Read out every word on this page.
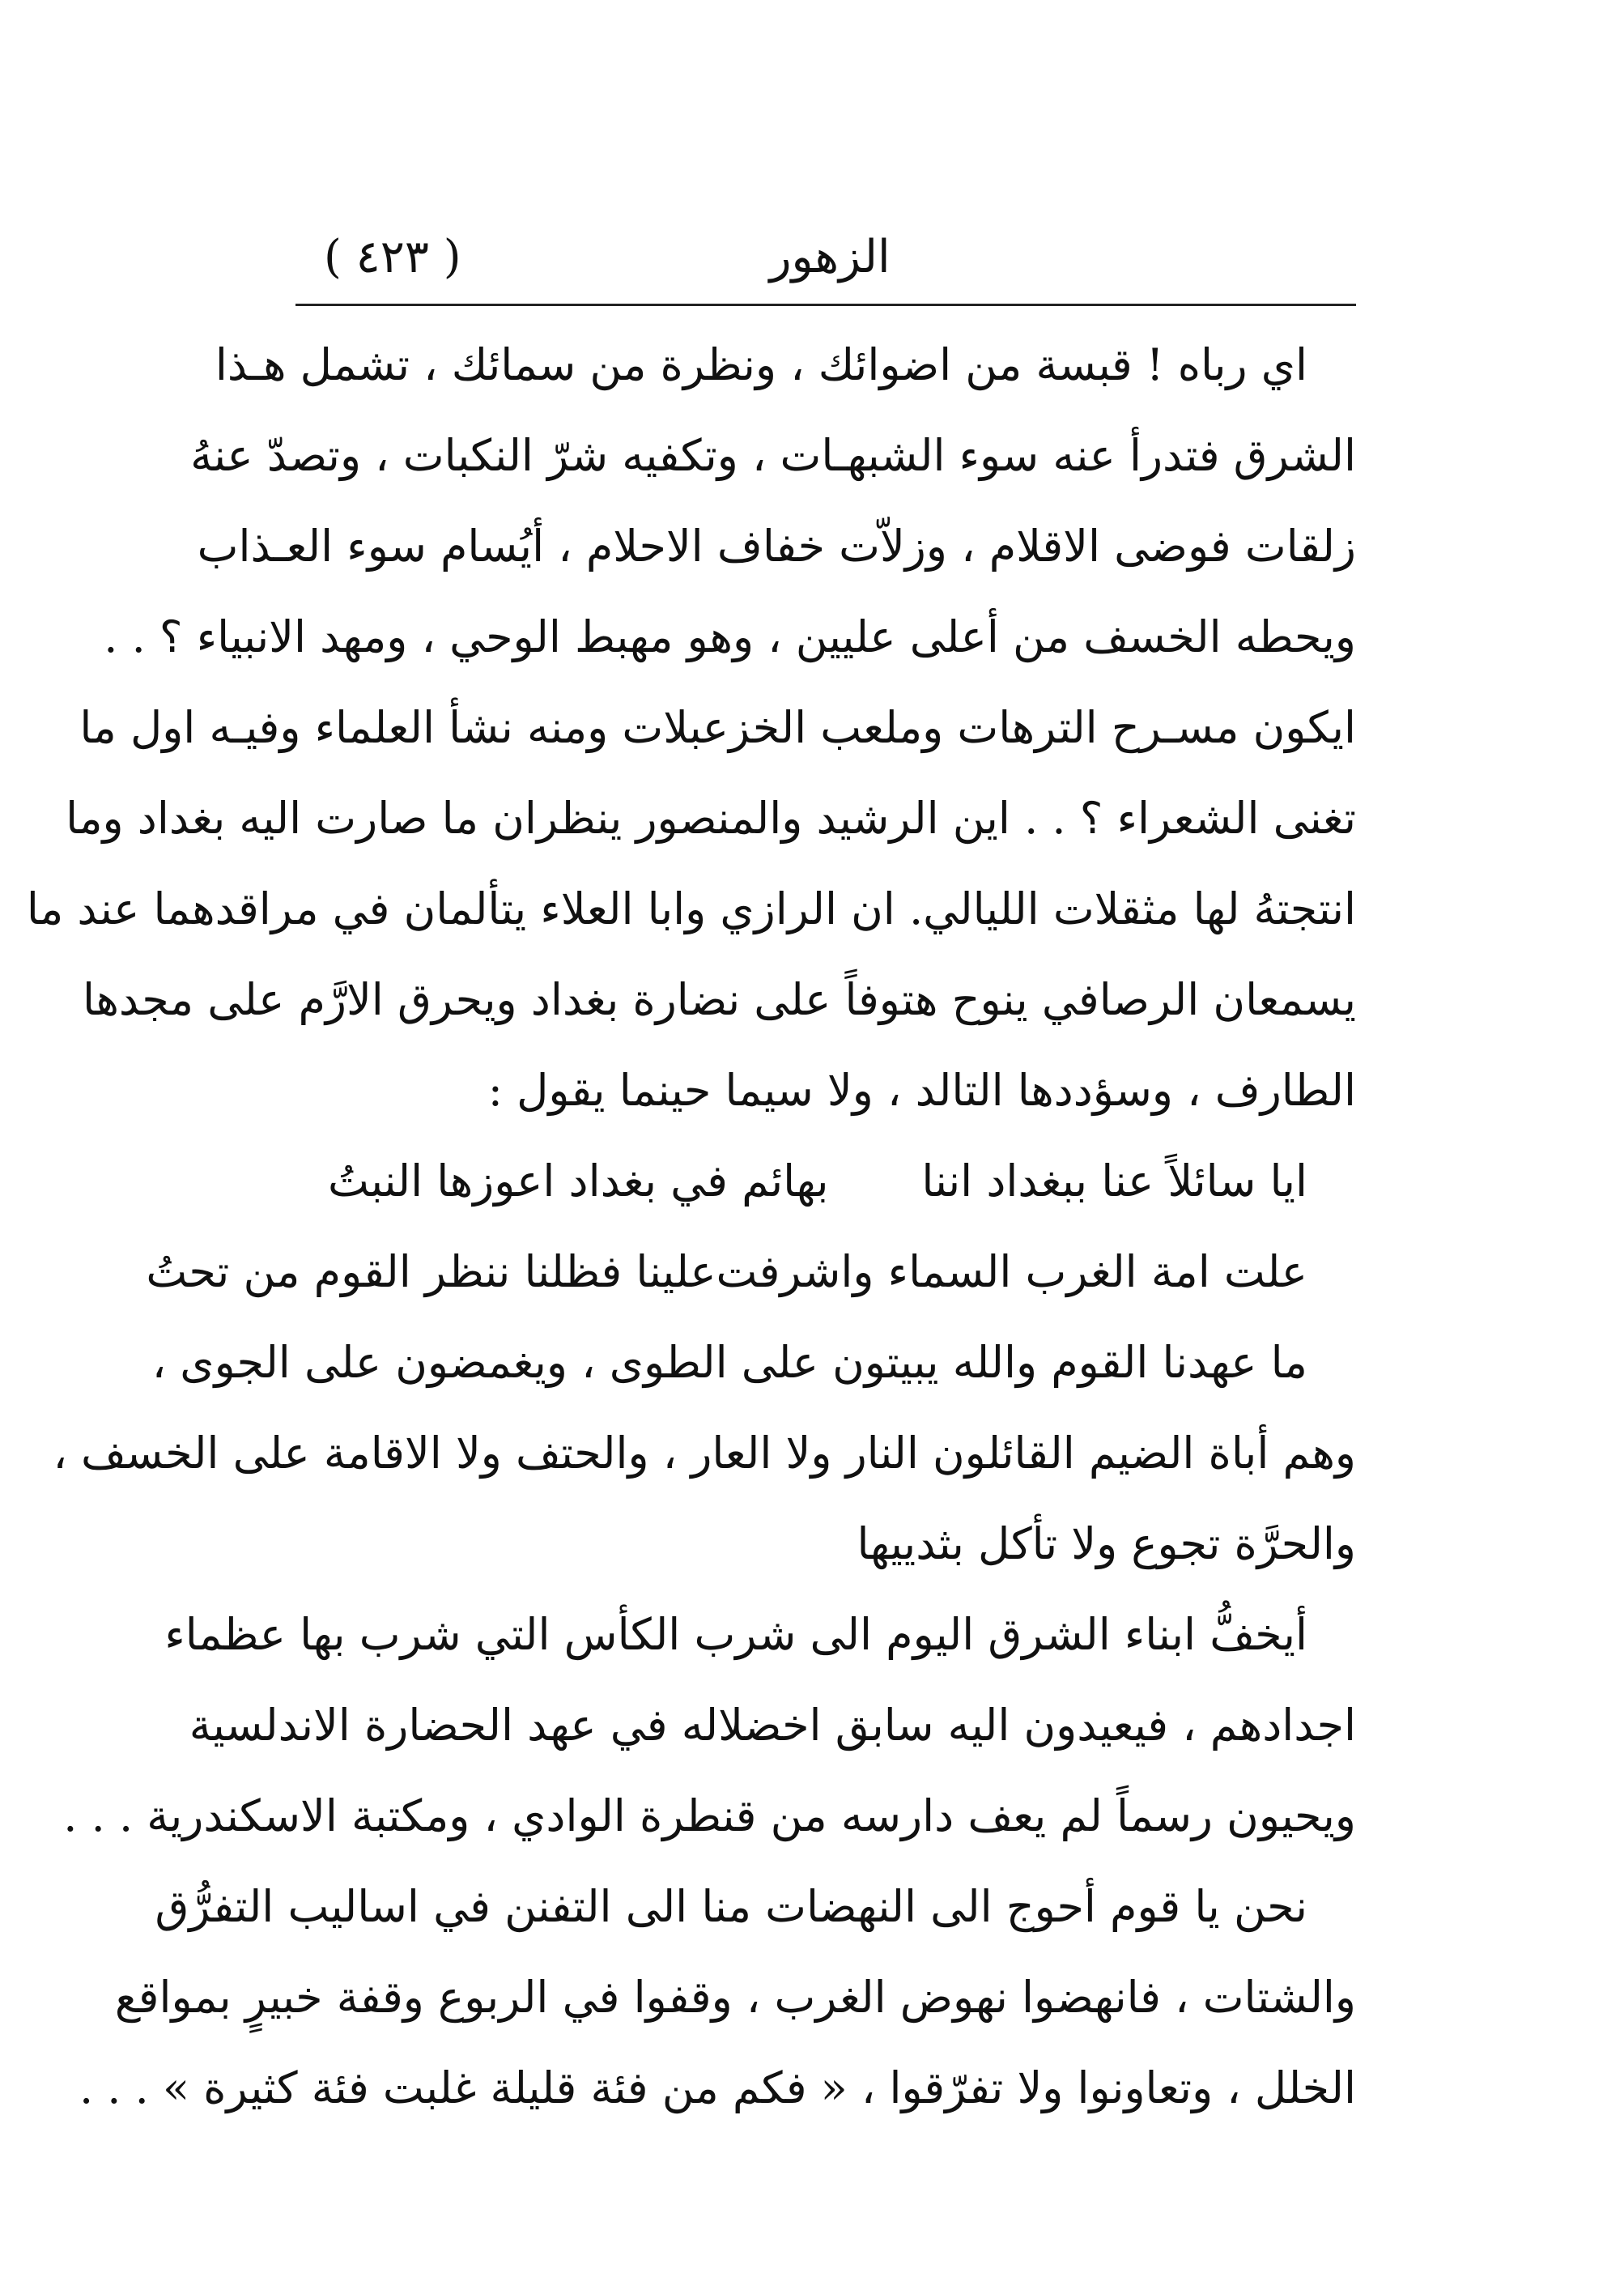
الزهور
( ٤٢٣ )
اي رباه ! قبسة من اضوائك ، ونظرة من سمائك ، تشمل هـذا
الشرق فتدرأ عنه سوء الشبهـات ، وتكفيه شرّ النكبات ، وتصدّ عنهُ
زلقات فوضى الاقلام ، وزلاّت خفاف الاحلام ، أيُسام سوء العـذاب
ويحطه الخسف من أعلى عليين ، وهو مهبط الوحي ، ومهد الانبياء ؟ . .
ايكون مسـرح الترهات وملعب الخزعبلات ومنه نشأ العلماء وفيـه اول ما
تغنى الشعراء ؟ . . اين الرشيد والمنصور ينظران ما صارت اليه بغداد وما
انتجتهُ لها مثقلات الليالي. ان الرازي وابا العلاء يتألمان في مراقدهما عند ما
يسمعان الرصافي ينوح هتوفاً على نضارة بغداد ويحرق الارَّم على مجدها
الطارف ، وسؤددها التالد ، ولا سيما حينما يقول :
ايا سائلاً عنا ببغداد اننا
بهائم في بغداد اعوزها النبتُ
علت امة الغرب السماء واشرفت
علينا فظلنا ننظر القوم من تحتُ
ما عهدنا القوم والله يبيتون على الطوى ، ويغمضون على الجوى ،
وهم أباة الضيم القائلون النار ولا العار ، والحتف ولا الاقامة على الخسف ،
والحرَّة تجوع ولا تأكل بثدييها
أيخفُّ ابناء الشرق اليوم الى شرب الكأس التي شرب بها عظماء
اجدادهم ، فيعيدون اليه سابق اخضلاله في عهد الحضارة الاندلسية
ويحيون رسماً لم يعف دارسه من قنطرة الوادي ، ومكتبة الاسكندرية . . .
نحن يا قوم أحوج الى النهضات منا الى التفنن في اساليب التفرُّق
والشتات ، فانهضوا نهوض الغرب ، وقفوا في الربوع وقفة خبيرٍ بمواقع
الخلل ، وتعاونوا ولا تفرّقوا ، « فكم من فئة قليلة غلبت فئة كثيرة » . . .
